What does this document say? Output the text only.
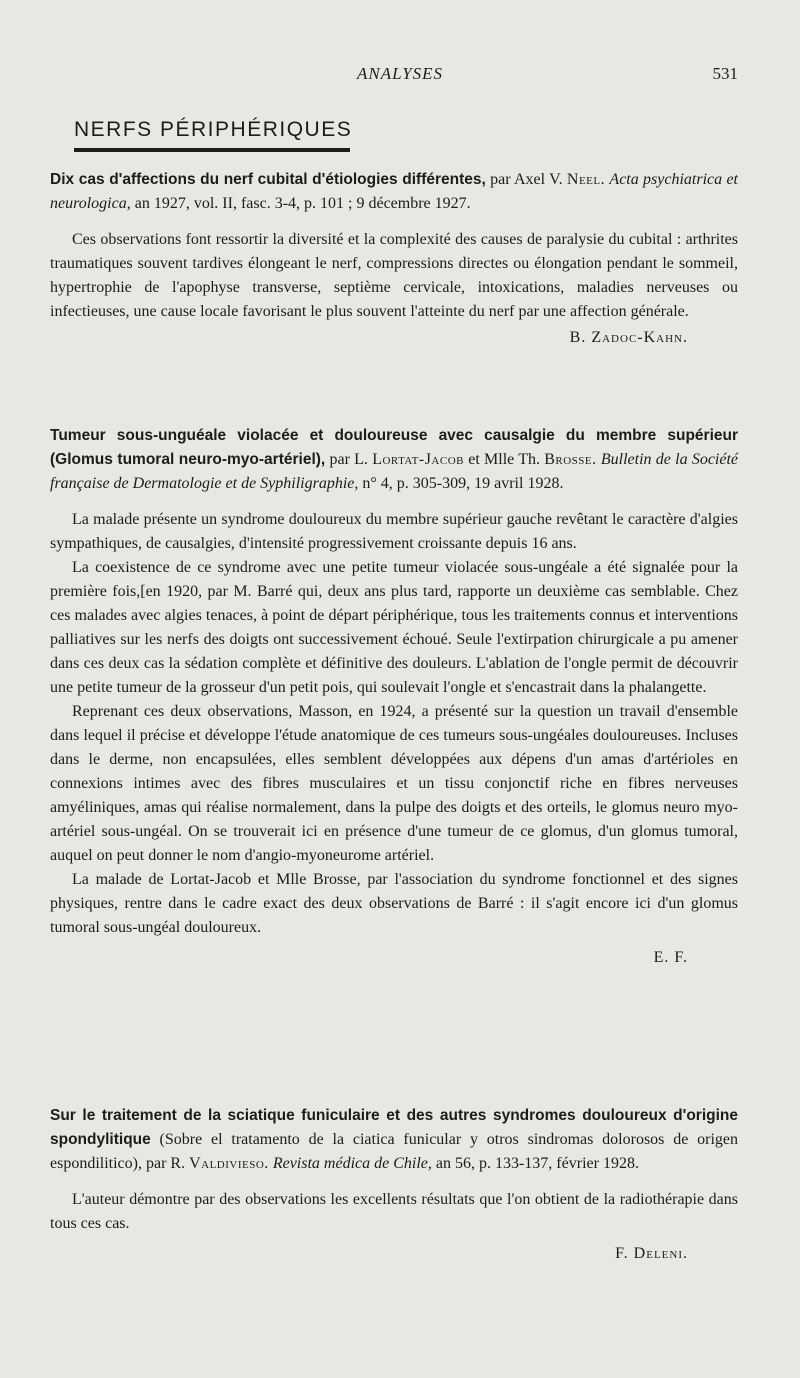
ANALYSES	531
NERFS PÉRIPHÉRIQUES

Dix cas d'affections du nerf cubital d'étiologies différentes, par Axel V. Neel. Acta psychiatrica et neurologica, an 1927, vol. II, fasc. 3-4, p. 101 ; 9 décembre 1927.

Ces observations font ressortir la diversité et la complexité des causes de paralysie du cubital : arthrites traumatiques souvent tardives élongeant le nerf, compressions directes ou élongation pendant le sommeil, hypertrophie de l'apophyse transverse, septième cervicale, intoxications, maladies nerveuses ou infectieuses, une cause locale favorisant le plus souvent l'atteinte du nerf par une affection générale.

B. Zadoc-Kahn.

Tumeur sous-unguéale violacée et douloureuse avec causalgie du membre supérieur (Glomus tumoral neuro-myo-artériel), par L. Lortat-Jacob et Mlle Th. Brosse. Bulletin de la Société française de Dermatologie et de Syphiligraphie, n° 4, p. 305-309, 19 avril 1928.

La malade présente un syndrome douloureux du membre supérieur gauche revêtant le caractère d'algies sympathiques, de causalgies, d'intensité progressivement croissante depuis 16 ans.

La coexistence de ce syndrome avec une petite tumeur violacée sous-ungéale a été signalée pour la première fois,[en 1920, par M. Barré qui, deux ans plus tard, rapporte un deuxième cas semblable. Chez ces malades avec algies tenaces, à point de départ périphérique, tous les traitements connus et interventions palliatives sur les nerfs des doigts ont successivement échoué. Seule l'extirpation chirurgicale a pu amener dans ces deux cas la sédation complète et définitive des douleurs. L'ablation de l'ongle permit de découvrir une petite tumeur de la grosseur d'un petit pois, qui soulevait l'ongle et s'encastrait dans la phalangette.

Reprenant ces deux observations, Masson, en 1924, a présenté sur la question un travail d'ensemble dans lequel il précise et développe l'étude anatomique de ces tumeurs sous-ungéales douloureuses. Incluses dans le derme, non encapsulées, elles semblent développées aux dépens d'un amas d'artérioles en connexions intimes avec des fibres musculaires et un tissu conjonctif riche en fibres nerveuses amyéliniques, amas qui réalise normalement, dans la pulpe des doigts et des orteils, le glomus neuro myo-artériel sous-ungéal. On se trouverait ici en présence d'une tumeur de ce glomus, d'un glomus tumoral, auquel on peut donner le nom d'angio-myoneurome artériel.

La malade de Lortat-Jacob et Mlle Brosse, par l'association du syndrome fonctionnel et des signes physiques, rentre dans le cadre exact des deux observations de Barré : il s'agit encore ici d'un glomus tumoral sous-ungéal douloureux.

E. F.

Sur le traitement de la sciatique funiculaire et des autres syndromes douloureux d'origine spondylitique (Sobre el tratamento de la ciatica funicular y otros sindromas dolorosos de origen espondilitico), par R. Valdivieso. Revista médica de Chile, an 56, p. 133-137, février 1928.

L'auteur démontre par des observations les excellents résultats que l'on obtient de la radiothérapie dans tous ces cas.

F. Deleni.
